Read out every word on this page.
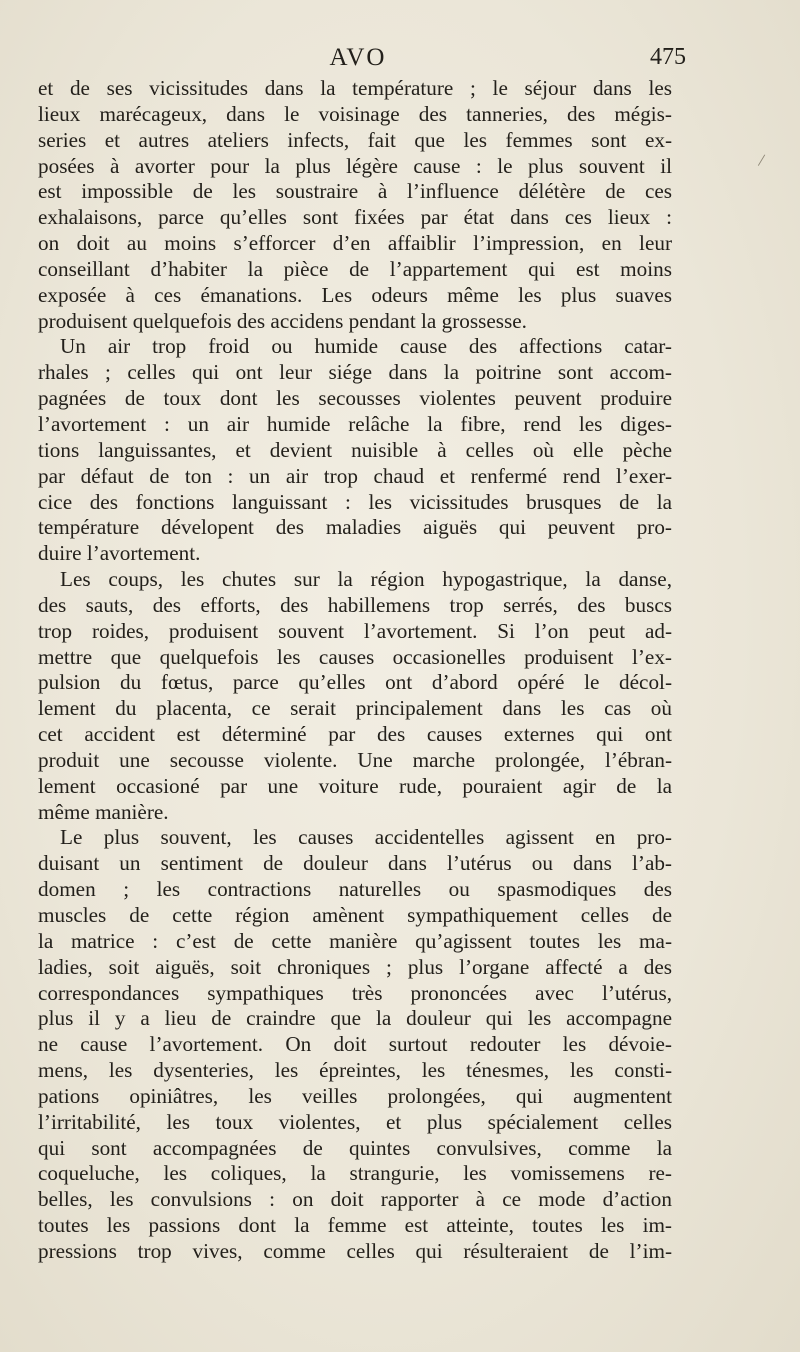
AVO	475
/
et de ses vicissitudes dans la température ; le séjour dans les
lieux marécageux, dans le voisinage des tanneries, des mégis-
series et autres ateliers infects, fait que les femmes sont ex-
posées à avorter pour la plus légère cause : le plus souvent il
est impossible de les soustraire à l’influence délétère de ces
exhalaisons, parce qu’elles sont fixées par état dans ces lieux :
on doit au moins s’efforcer d’en affaiblir l’impression, en leur
conseillant d’habiter la pièce de l’appartement qui est moins
exposée à ces émanations. Les odeurs même les plus suaves
produisent quelquefois des accidens pendant la grossesse.
Un air trop froid ou humide cause des affections catar-
rhales ; celles qui ont leur siége dans la poitrine sont accom-
pagnées de toux dont les secousses violentes peuvent produire
l’avortement : un air humide relâche la fibre, rend les diges-
tions languissantes, et devient nuisible à celles où elle pèche
par défaut de ton : un air trop chaud et renfermé rend l’exer-
cice des fonctions languissant : les vicissitudes brusques de la
température dévelopent des maladies aiguës qui peuvent pro-
duire l’avortement.
Les coups, les chutes sur la région hypogastrique, la danse,
des sauts, des efforts, des habillemens trop serrés, des buscs
trop roides, produisent souvent l’avortement. Si l’on peut ad-
mettre que quelquefois les causes occasionelles produisent l’ex-
pulsion du fœtus, parce qu’elles ont d’abord opéré le décol-
lement du placenta, ce serait principalement dans les cas où
cet accident est déterminé par des causes externes qui ont
produit une secousse violente. Une marche prolongée, l’ébran-
lement occasioné par une voiture rude, pouraient agir de la
même manière.
Le plus souvent, les causes accidentelles agissent en pro-
duisant un sentiment de douleur dans l’utérus ou dans l’ab-
domen ; les contractions naturelles ou spasmodiques des
muscles de cette région amènent sympathiquement celles de
la matrice : c’est de cette manière qu’agissent toutes les ma-
ladies, soit aiguës, soit chroniques ; plus l’organe affecté a des
correspondances sympathiques très prononcées avec l’utérus,
plus il y a lieu de craindre que la douleur qui les accompagne
ne cause l’avortement. On doit surtout redouter les dévoie-
mens, les dysenteries, les épreintes, les ténesmes, les consti-
pations opiniâtres, les veilles prolongées, qui augmentent
l’irritabilité, les toux violentes, et plus spécialement celles
qui sont accompagnées de quintes convulsives, comme la
coqueluche, les coliques, la strangurie, les vomissemens re-
belles, les convulsions : on doit rapporter à ce mode d’action
toutes les passions dont la femme est atteinte, toutes les im-
pressions trop vives, comme celles qui résulteraient de l’im-
